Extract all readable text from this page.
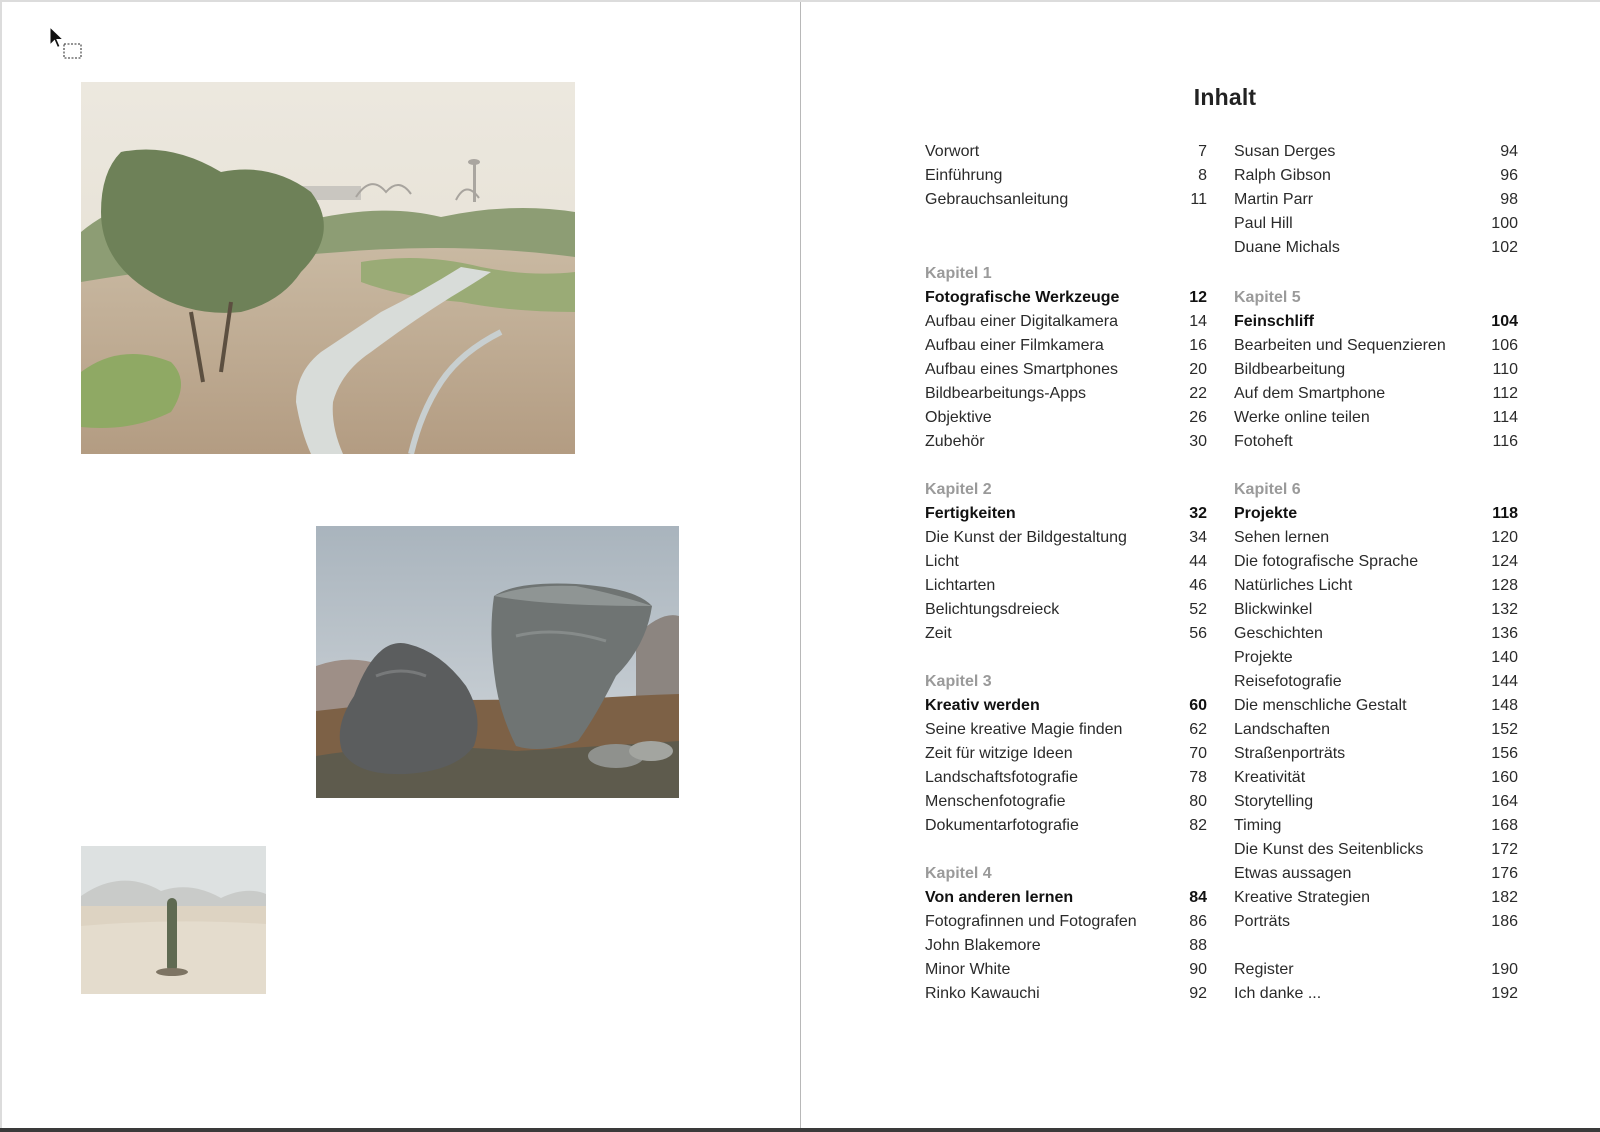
Inhalt
Vorwort	7
Einführung	8
Gebrauchsanleitung	11
Kapitel 1
Fotografische Werkzeuge	12
Aufbau einer Digitalkamera	14
Aufbau einer Filmkamera	16
Aufbau eines Smartphones	20
Bildbearbeitungs-Apps	22
Objektive	26
Zubehör	30
Kapitel 2
Fertigkeiten	32
Die Kunst der Bildgestaltung	34
Licht	44
Lichtarten	46
Belichtungsdreieck	52
Zeit	56
Kapitel 3
Kreativ werden	60
Seine kreative Magie finden	62
Zeit für witzige Ideen	70
Landschaftsfotografie	78
Menschenfotografie	80
Dokumentarfotografie	82
Kapitel 4
Von anderen lernen	84
Fotografinnen und Fotografen	86
John Blakemore	88
Minor White	90
Rinko Kawauchi	92
Susan Derges	94
Ralph Gibson	96
Martin Parr	98
Paul Hill	100
Duane Michals	102
Kapitel 5
Feinschliff	104
Bearbeiten und Sequenzieren	106
Bildbearbeitung	110
Auf dem Smartphone	112
Werke online teilen	114
Fotoheft	116
Kapitel 6
Projekte	118
Sehen lernen	120
Die fotografische Sprache	124
Natürliches Licht	128
Blickwinkel	132
Geschichten	136
Projekte	140
Reisefotografie	144
Die menschliche Gestalt	148
Landschaften	152
Straßenporträts	156
Kreativität	160
Storytelling	164
Timing	168
Die Kunst des Seitenblicks	172
Etwas aussagen	176
Kreative Strategien	182
Porträts	186
Register	190
Ich danke ...	192
